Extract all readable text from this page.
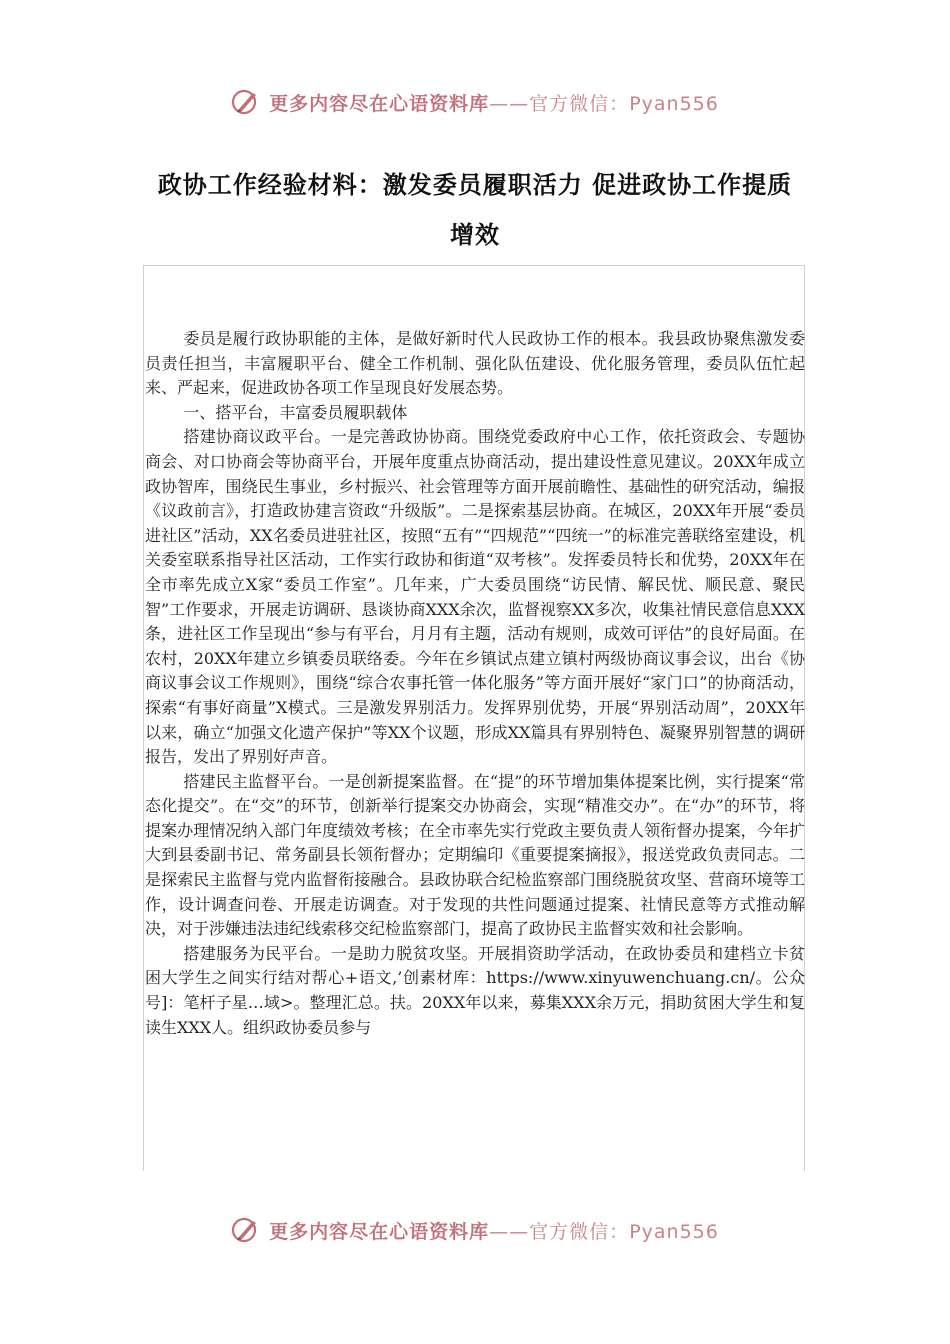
更多内容尽在心语资料库——官方微信：Pyan556
政协工作经验材料：激发委员履职活力 促进政协工作提质
增效

委员是履行政协职能的主体，是做好新时代人民政协工作的根本。我县政协聚焦激发委员责任担当，丰富履职平台、健全工作机制、强化队伍建设、优化服务管理，委员队伍忙起来、严起来，促进政协各项工作呈现良好发展态势。

一、搭平台，丰富委员履职载体

搭建协商议政平台。一是完善政协协商。围绕党委政府中心工作，依托资政会、专题协商会、对口协商会等协商平台，开展年度重点协商活动，提出建设性意见建议。20XX年成立政协智库，围绕民生事业，乡村振兴、社会管理等方面开展前瞻性、基础性的研究活动，编报《议政前言》，打造政协建言资政“升级版”。二是探索基层协商。在城区，20XX年开展“委员进社区”活动，XX名委员进驻社区，按照“五有”“四规范”“四统一”的标准完善联络室建设，机关委室联系指导社区活动，工作实行政协和街道“双考核”。发挥委员特长和优势，20XX年在全市率先成立X家“委员工作室”。几年来，广大委员围绕“访民情、解民忧、顺民意、聚民智”工作要求，开展走访调研、恳谈协商XXX余次，监督视察XX多次，收集社情民意信息XXX条，进社区工作呈现出“参与有平台，月月有主题，活动有规则，成效可评估”的良好局面。在农村，20XX年建立乡镇委员联络委。今年在乡镇试点建立镇村两级协商议事会议，出台《协商议事会议工作规则》，围绕“综合农事托管一体化服务”等方面开展好“家门口”的协商活动，探索“有事好商量”X模式。三是激发界别活力。发挥界别优势，开展“界别活动周”，20XX年以来，确立“加强文化遗产保护”等XX个议题，形成XX篇具有界别特色、凝聚界别智慧的调研报告，发出了界别好声音。

搭建民主监督平台。一是创新提案监督。在“提”的环节增加集体提案比例，实行提案“常态化提交”。在“交”的环节，创新举行提案交办协商会，实现“精准交办”。在“办”的环节，将提案办理情况纳入部门年度绩效考核；在全市率先实行党政主要负责人领衔督办提案，今年扩大到县委副书记、常务副县长领衔督办；定期编印《重要提案摘报》，报送党政负责同志。二是探索民主监督与党内监督衔接融合。县政协联合纪检监察部门围绕脱贫攻坚、营商环境等工作，设计调查问卷、开展走访调查。对于发现的共性问题通过提案、社情民意等方式推动解决，对于涉嫌违法违纪线索移交纪检监察部门，提高了政协民主监督实效和社会影响。

搭建服务为民平台。一是助力脱贫攻坚。开展捐资助学活动，在政协委员和建档立卡贫困大学生之间实行结对帮心+语文,’创素材库：https://www.xinyuwenchuang.cn/。公众号]：笔杆子星…域>。整理汇总。扶。20XX年以来，募集XXX余万元，捐助贫困大学生和复读生XXX人。组织政协委员参与

更多内容尽在心语资料库——官方微信：Pyan556
